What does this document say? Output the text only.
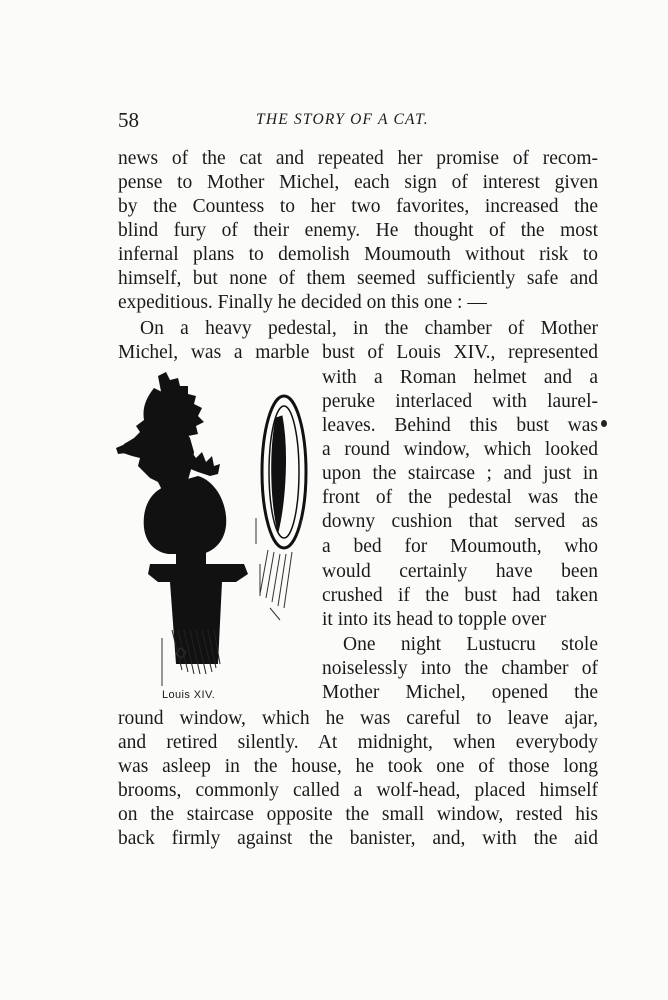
58	THE STORY OF A CAT.
news of the cat and repeated her promise of recom-
pense to Mother Michel, each sign of interest given
by the Countess to her two favorites, increased the
blind fury of their enemy. He thought of the most
infernal plans to demolish Moumouth without risk to
himself, but none of them seemed sufficiently safe and
expeditious. Finally he decided on this one : —
On a heavy pedestal, in the chamber of Mother
Michel, was a marble bust of Louis XIV., represented
with a Roman helmet and a
peruke interlaced with laurel-
leaves. Behind this bust was
a round window, which looked
upon the staircase ; and just in
front of the pedestal was the
downy cushion that served as
a bed for Moumouth, who
would certainly have been
crushed if the bust had taken
it into its head to topple over
One night Lustucru stole
noiselessly into the chamber of
Mother Michel, opened the
round window, which he was careful to leave ajar,
and retired silently. At midnight, when everybody
was asleep in the house, he took one of those long
brooms, commonly called a wolf-head, placed himself
on the staircase opposite the small window, rested his
back firmly against the banister, and, with the aid
Louis XIV.
